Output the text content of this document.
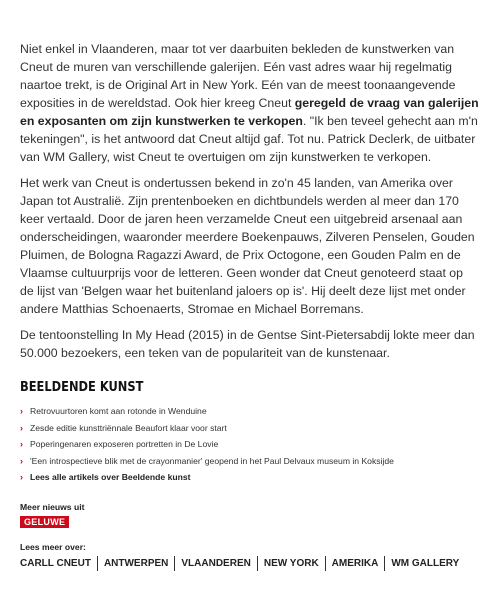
Niet enkel in Vlaanderen, maar tot ver daarbuiten bekleden de kunstwerken van Cneut de muren van verschillende galerijen. Eén vast adres waar hij regelmatig naartoe trekt, is de Original Art in New York. Eén van de meest toonaangevende exposities in de wereldstad. Ook hier kreeg Cneut geregeld de vraag van galerijen en exposanten om zijn kunstwerken te verkopen. "Ik ben teveel gehecht aan m'n tekeningen", is het antwoord dat Cneut altijd gaf. Tot nu. Patrick Declerk, de uitbater van WM Gallery, wist Cneut te overtuigen om zijn kunstwerken te verkopen.

Het werk van Cneut is ondertussen bekend in zo'n 45 landen, van Amerika over Japan tot Australië. Zijn prentenboeken en dichtbundels werden al meer dan 170 keer vertaald. Door de jaren heen verzamelde Cneut een uitgebreid arsenaal aan onderscheidingen, waaronder meerdere Boekenpauws, Zilveren Penselen, Gouden Pluimen, de Bologna Ragazzi Award, de Prix Octogone, een Gouden Palm en de Vlaamse cultuurprijs voor de letteren. Geen wonder dat Cneut genoteerd staat op de lijst van 'Belgen waar het buitenland jaloers op is'. Hij deelt deze lijst met onder andere Matthias Schoenaerts, Stromae en Michael Borremans.

De tentoonstelling In My Head (2015) in de Gentse Sint-Pietersabdij lokte meer dan 50.000 bezoekers, een teken van de populariteit van de kunstenaar.

BEELDENDE KUNST
› Retrovuurtoren komt aan rotonde in Wenduine
› Zesde editie kunsttriënnale Beaufort klaar voor start
› Poperingenaren exposeren portretten in De Lovie
› 'Een introspectieve blik met de crayonmanier' geopend in het Paul Delvaux museum in Koksijde
› Lees alle artikels over Beeldende kunst
Meer nieuws uit
GELUWE
Lees meer over:
CARLL CNEUT	ANTWERPEN	VLAANDEREN	NEW YORK	AMERIKA	WM GALLERY
